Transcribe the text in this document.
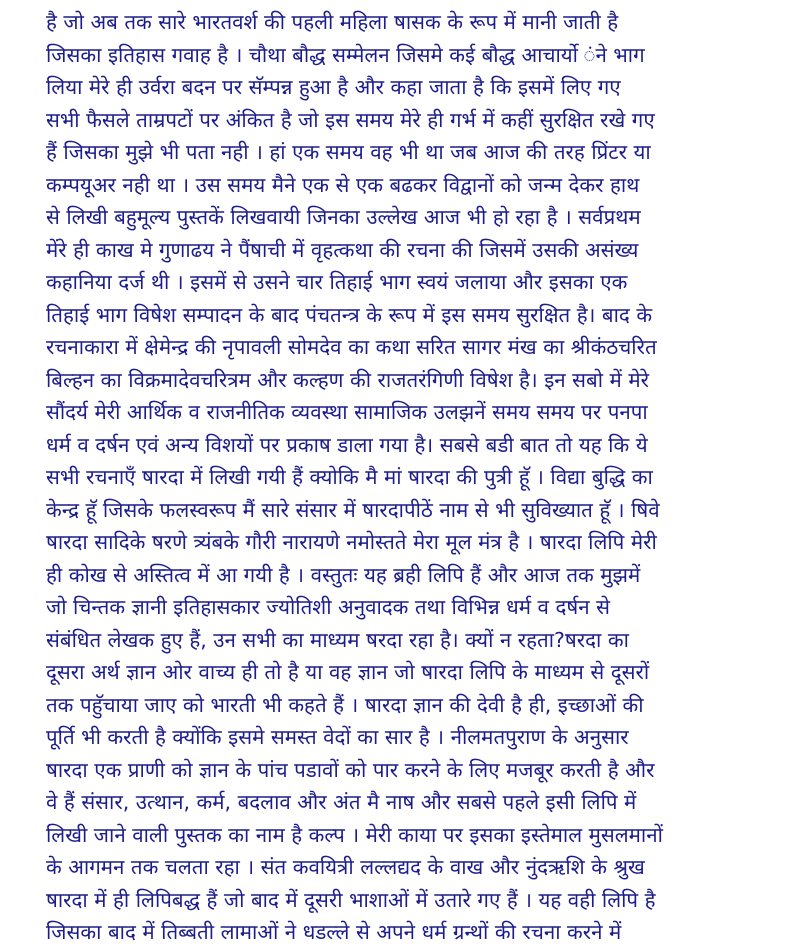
है जो अब तक सारे भारतवर्श की पहली महिला षासक के रूप में मानी जाती है
जिसका इतिहास गवाह है । चौथा बौद्ध सम्मेलन जिसमे कई बौद्ध आचार्यो ंने भाग
लिया मेरे ही उर्वरा बदन पर सॅम्पन्न हुआ है और कहा जाता है कि इसमें लिए गए
सभी फैसले ताम्रपटों पर अंकित है जो इस समय मेरे ही गर्भ में कहीं सुरक्षित रखे गए
हैं जिसका मुझे भी पता नही । हां एक समय वह भी था जब आज की तरह प्रिंटर या
कम्पयूअर नही था । उस समय मैने एक से एक बढकर विद्वानों को जन्म देकर हाथ
से लिखी बहुमूल्य पुस्तकें लिखवायी जिनका उल्लेख आज भी हो रहा है । सर्वप्रथम
मेंरे ही काख मे गुणाढय ने पैंषाची में वृहत्कथा की रचना की जिसमें उसकी असंख्य
कहानिया दर्ज थी । इसमें से उसने चार तिहाई भाग स्वयं जलाया और इसका एक
तिहाई भाग विषेश सम्पादन के बाद पंचतन्त्र के रूप में इस समय सुरक्षित है। बाद के
रचनाकारा में क्षेमेन्द्र की नृपावली सोमदेव का कथा सरित सागर मंख का श्रीकंठचरित
बिल्हन का विक्रमादेवचरित्रम और कल्हण की राजतरंगिणी विषेश है। इन सबो में मेरे
सौंदर्य मेरी आर्थिक व राजनीतिक व्यवस्था सामाजिक उलझनें समय समय पर पनपा
धर्म व दर्षन एवं अन्य विशयों पर प्रकाष डाला गया है। सबसे बडी बात तो यह कि ये
सभी रचनाएँ षारदा में लिखी गयी हैं क्योकि मै मां षारदा की पुत्री हूॅ । विद्या बुद्धि का
केन्द्र हूॅ जिसके फलस्वरूप मैं सारे संसार में षारदापीठें नाम से भी सुविख्यात हूॅ । षिवे
षारदा सादिके षरणे त्र्यंबके गौरी नारायणे नमोस्तते मेरा मूल मंत्र है । षारदा लिपि मेरी
ही कोख से अस्तित्व में आ गयी है । वस्तुतः यह ब्रही लिपि हैं और आज तक मुझमें
जो चिन्तक ज्ञानी इतिहासकार ज्योतिशी अनुवादक तथा विभिन्न धर्म व दर्षन से
संबंधित लेखक हुए हैं, उन सभी का माध्यम षरदा रहा है। क्यों न रहता?षरदा का
दूसरा अर्थ ज्ञान ओर वाच्य ही तो है या वह ज्ञान जो षारदा लिपि के माध्यम से दूसरों
तक पहुॅचाया जाए को भारती भी कहते हैं । षारदा ज्ञान की देवी है ही, इच्छाओं की
पूर्ति भी करती है क्योंकि इसमे समस्त वेदों का सार है । नीलमतपुराण के अनुसार
षारदा एक प्राणी को ज्ञान के पांच पडावों को पार करने के लिए मजबूर करती है और
वे हैं संसार, उत्थान, कर्म, बदलाव और अंत मै नाष और सबसे पहले इसी लिपि में
लिखी जाने वाली पुस्तक का नाम है कल्प । मेरी काया पर इसका इस्तेमाल मुसलमानों
के आगमन तक चलता रहा । संत कवयित्री लल्लद्यद के वाख और नुंदऋशि के श्रुख
षारदा में ही लिपिबद्ध हैं जो बाद में दूसरी भाशाओं में उतारे गए हैं । यह वही लिपि है
जिसका बाद में तिब्बती लामाओं ने धडल्ले से अपने धर्म ग्रन्थों की रचना करने में
